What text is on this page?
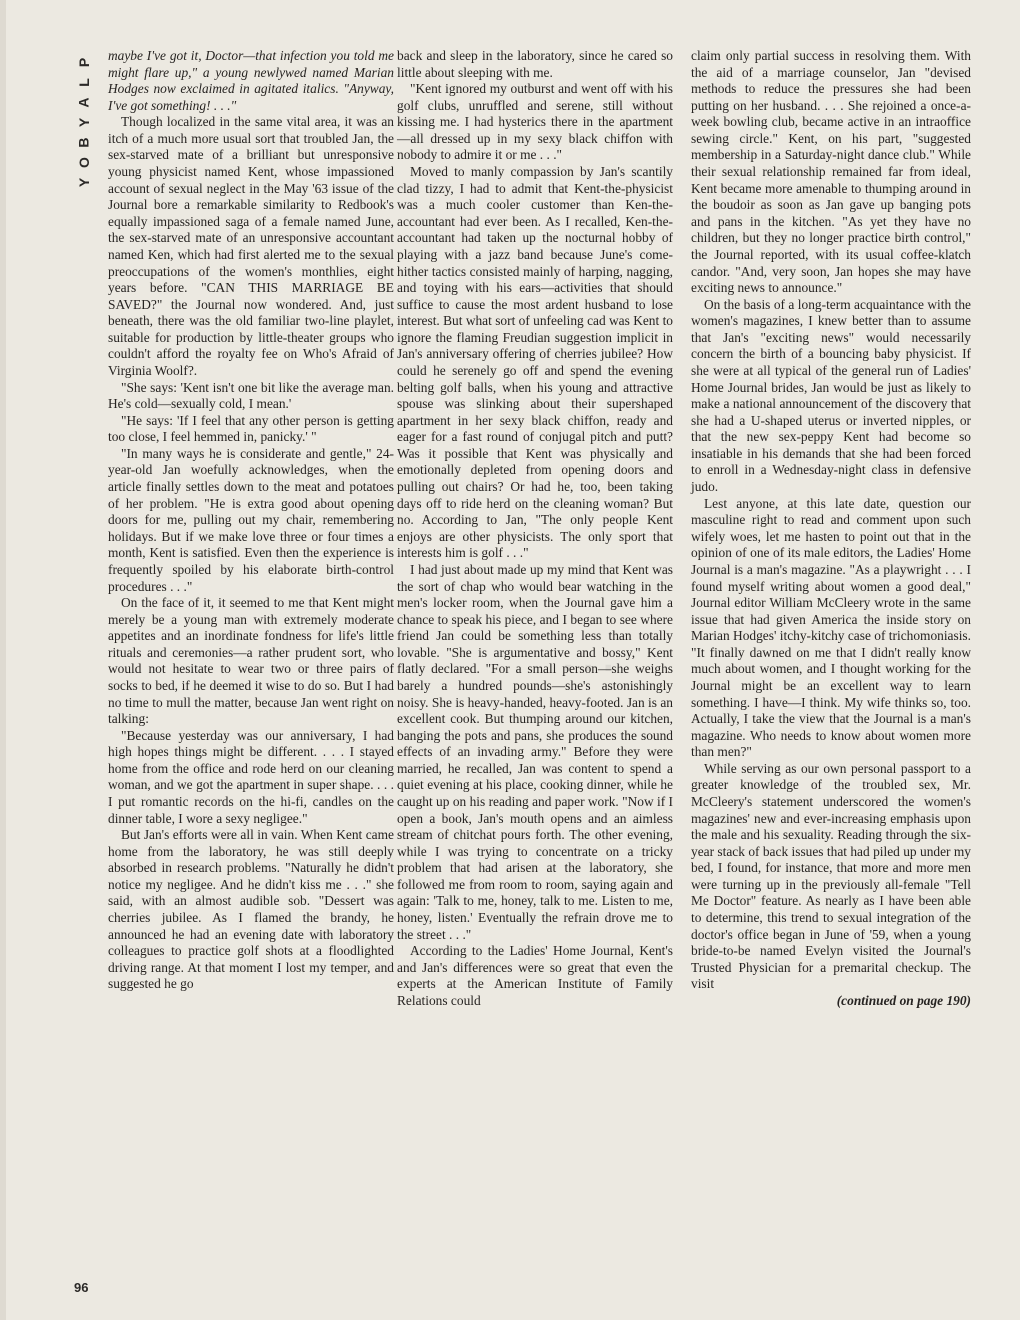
P
L
A
Y
B
O
Y
...
96

maybe I've got it, Doctor—that infection you told me might flare up," a young newlywed named Marian Hodges now exclaimed in agitated italics. "Anyway, I've got something! . . ."

Though localized in the same vital area, it was an itch of a much more usual sort that troubled Jan, the sex-starved mate of a brilliant but unresponsive young physicist named Kent, whose impassioned account of sexual neglect in the May '63 issue of the Journal bore a remarkable similarity to Redbook's equally impassioned saga of a female named June, the sex-starved mate of an unresponsive accountant named Ken, which had first alerted me to the sexual preoccupations of the women's monthlies, eight years before. "CAN THIS MARRIAGE BE SAVED?" the Journal now wondered. And, just beneath, there was the old familiar two-line playlet, suitable for production by little-theater groups who couldn't afford the royalty fee on Who's Afraid of Virginia Woolf?.

"She says: 'Kent isn't one bit like the average man. He's cold—sexually cold, I mean.'

"He says: 'If I feel that any other person is getting too close, I feel hemmed in, panicky.' "

"In many ways he is considerate and gentle," 24-year-old Jan woefully acknowledges, when the article finally settles down to the meat and potatoes of her problem. "He is extra good about opening doors for me, pulling out my chair, remembering holidays. But if we make love three or four times a month, Kent is satisfied. Even then the experience is frequently spoiled by his elaborate birth-control procedures . . ."

On the face of it, it seemed to me that Kent might merely be a young man with extremely moderate appetites and an inordinate fondness for life's little rituals and ceremonies—a rather prudent sort, who would not hesitate to wear two or three pairs of socks to bed, if he deemed it wise to do so. But I had no time to mull the matter, because Jan went right on talking:

"Because yesterday was our anniversary, I had high hopes things might be different. . . . I stayed home from the office and rode herd on our cleaning woman, and we got the apartment in super shape. . . . I put romantic records on the hi-fi, candles on the dinner table, I wore a sexy negligee."

But Jan's efforts were all in vain. When Kent came home from the laboratory, he was still deeply absorbed in research problems. "Naturally he didn't notice my negligee. And he didn't kiss me . . ." she said, with an almost audible sob. "Dessert was cherries jubilee. As I flamed the brandy, he announced he had an evening date with laboratory colleagues to practice golf shots at a floodlighted driving range. At that moment I lost my temper, and suggested he go

back and sleep in the laboratory, since he cared so little about sleeping with me.

"Kent ignored my outburst and went off with his golf clubs, unruffled and serene, still without kissing me. I had hysterics there in the apartment—all dressed up in my sexy black chiffon with nobody to admire it or me . . ."

Moved to manly compassion by Jan's scantily clad tizzy, I had to admit that Kent-the-physicist was a much cooler customer than Ken-the-accountant had ever been. As I recalled, Ken-the-accountant had taken up the nocturnal hobby of playing with a jazz band because June's come-hither tactics consisted mainly of harping, nagging, and toying with his ears—activities that should suffice to cause the most ardent husband to lose interest. But what sort of unfeeling cad was Kent to ignore the flaming Freudian suggestion implicit in Jan's anniversary offering of cherries jubilee? How could he serenely go off and spend the evening belting golf balls, when his young and attractive spouse was slinking about their supershaped apartment in her sexy black chiffon, ready and eager for a fast round of conjugal pitch and putt? Was it possible that Kent was physically and emotionally depleted from opening doors and pulling out chairs? Or had he, too, been taking days off to ride herd on the cleaning woman? But no. According to Jan, "The only people Kent enjoys are other physicists. The only sport that interests him is golf . . ."

I had just about made up my mind that Kent was the sort of chap who would bear watching in the men's locker room, when the Journal gave him a chance to speak his piece, and I began to see where friend Jan could be something less than totally lovable. "She is argumentative and bossy," Kent flatly declared. "For a small person—she weighs barely a hundred pounds—she's astonishingly noisy. She is heavy-handed, heavy-footed. Jan is an excellent cook. But thumping around our kitchen, banging the pots and pans, she produces the sound effects of an invading army." Before they were married, he recalled, Jan was content to spend a quiet evening at his place, cooking dinner, while he caught up on his reading and paper work. "Now if I open a book, Jan's mouth opens and an aimless stream of chitchat pours forth. The other evening, while I was trying to concentrate on a tricky problem that had arisen at the laboratory, she followed me from room to room, saying again and again: 'Talk to me, honey, talk to me. Listen to me, honey, listen.' Eventually the refrain drove me to the street . . ."

According to the Ladies' Home Journal, Kent's and Jan's differences were so great that even the experts at the American Institute of Family Relations could

claim only partial success in resolving them. With the aid of a marriage counselor, Jan "devised methods to reduce the pressures she had been putting on her husband. . . . She rejoined a once-a-week bowling club, became active in an intraoffice sewing circle." Kent, on his part, "suggested membership in a Saturday-night dance club." While their sexual relationship remained far from ideal, Kent became more amenable to thumping around in the boudoir as soon as Jan gave up banging pots and pans in the kitchen. "As yet they have no children, but they no longer practice birth control," the Journal reported, with its usual coffee-klatch candor. "And, very soon, Jan hopes she may have exciting news to announce."

On the basis of a long-term acquaintance with the women's magazines, I knew better than to assume that Jan's "exciting news" would necessarily concern the birth of a bouncing baby physicist. If she were at all typical of the general run of Ladies' Home Journal brides, Jan would be just as likely to make a national announcement of the discovery that she had a U-shaped uterus or inverted nipples, or that the new sex-peppy Kent had become so insatiable in his demands that she had been forced to enroll in a Wednesday-night class in defensive judo.

Lest anyone, at this late date, question our masculine right to read and comment upon such wifely woes, let me hasten to point out that in the opinion of one of its male editors, the Ladies' Home Journal is a man's magazine. "As a playwright . . . I found myself writing about women a good deal," Journal editor William McCleery wrote in the same issue that had given America the inside story on Marian Hodges' itchy-kitchy case of trichomoniasis. "It finally dawned on me that I didn't really know much about women, and I thought working for the Journal might be an excellent way to learn something. I have—I think. My wife thinks so, too. Actually, I take the view that the Journal is a man's magazine. Who needs to know about women more than men?"

While serving as our own personal passport to a greater knowledge of the troubled sex, Mr. McCleery's statement underscored the women's magazines' new and ever-increasing emphasis upon the male and his sexuality. Reading through the six-year stack of back issues that had piled up under my bed, I found, for instance, that more and more men were turning up in the previously all-female "Tell Me Doctor" feature. As nearly as I have been able to determine, this trend to sexual integration of the doctor's office began in June of '59, when a young bride-to-be named Evelyn visited the Journal's Trusted Physician for a premarital checkup. The visit

(continued on page 190)
